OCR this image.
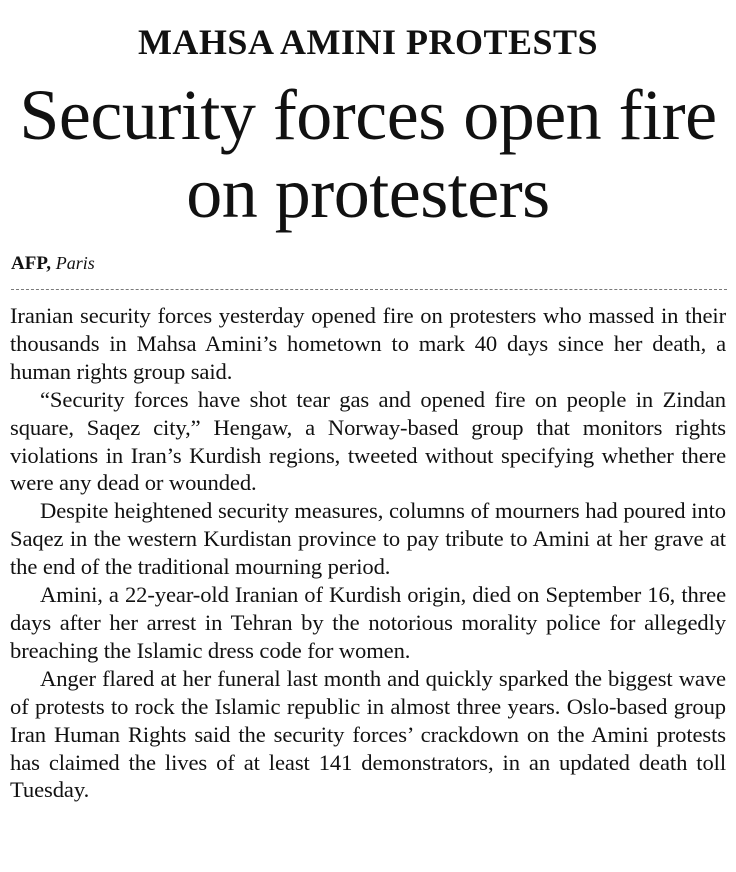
MAHSA AMINI PROTESTS
Security forces open fire on protesters
AFP, Paris

Iranian security forces yesterday opened fire on protesters who massed in their thousands in Mahsa Amini’s hometown to mark 40 days since her death, a human rights group said.

“Security forces have shot tear gas and opened fire on people in Zindan square, Saqez city,” Hengaw, a Norway-based group that monitors rights violations in Iran’s Kurdish regions, tweeted without specifying whether there were any dead or wounded.

Despite heightened security measures, columns of mourners had poured into Saqez in the western Kurdistan province to pay tribute to Amini at her grave at the end of the traditional mourning period.

Amini, a 22-year-old Iranian of Kurdish origin, died on September 16, three days after her arrest in Tehran by the notorious morality police for allegedly breaching the Islamic dress code for women.

Anger flared at her funeral last month and quickly sparked the biggest wave of protests to rock the Islamic republic in almost three years. Oslo-based group Iran Human Rights said the security forces’ crackdown on the Amini protests has claimed the lives of at least 141 demonstrators, in an updated death toll Tuesday.
